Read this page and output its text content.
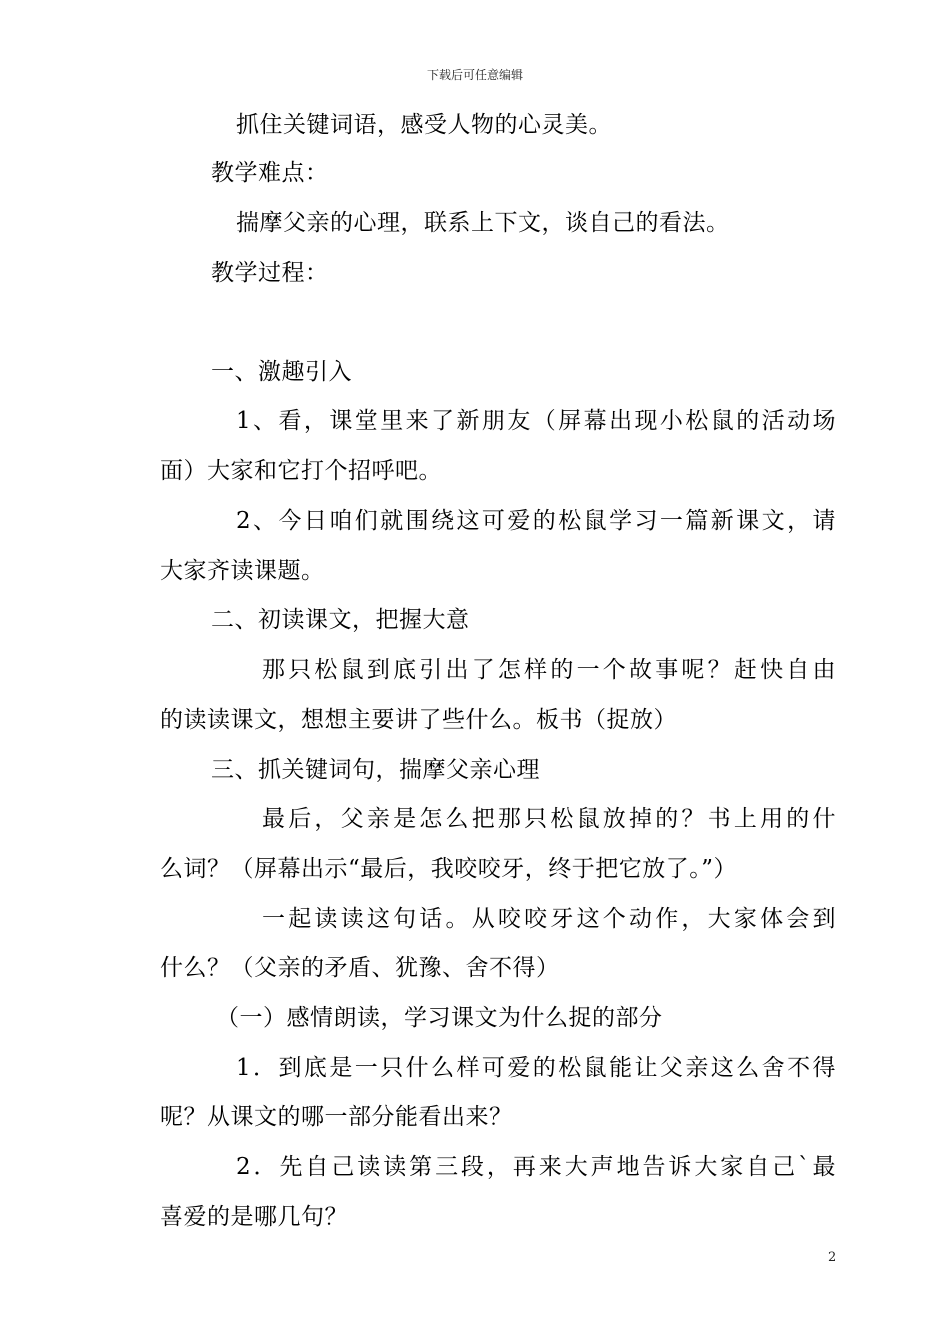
下载后可任意编辑
抓住关键词语，感受人物的心灵美。
教学难点：
揣摩父亲的心理，联系上下文，谈自己的看法。
教学过程：
一、激趣引入
1、看，课堂里来了新朋友（屏幕出现小松鼠的活动场
面）大家和它打个招呼吧。
2、今日咱们就围绕这可爱的松鼠学习一篇新课文，请
大家齐读课题。
二、初读课文，把握大意
那只松鼠到底引出了怎样的一个故事呢？赶快自由
的读读课文，想想主要讲了些什么。板书（捉放）
三、抓关键词句，揣摩父亲心理
最后，父亲是怎么把那只松鼠放掉的？书上用的什
么词？（屏幕出示“最后，我咬咬牙，终于把它放了。”）
一起读读这句话。从咬咬牙这个动作，大家体会到
什么？（父亲的矛盾、犹豫、舍不得）
（一）感情朗读，学习课文为什么捉的部分
1．到底是一只什么样可爱的松鼠能让父亲这么舍不得
呢？从课文的哪一部分能看出来？
2．先自己读读第三段，再来大声地告诉大家自己`最
喜爱的是哪几句？
2
